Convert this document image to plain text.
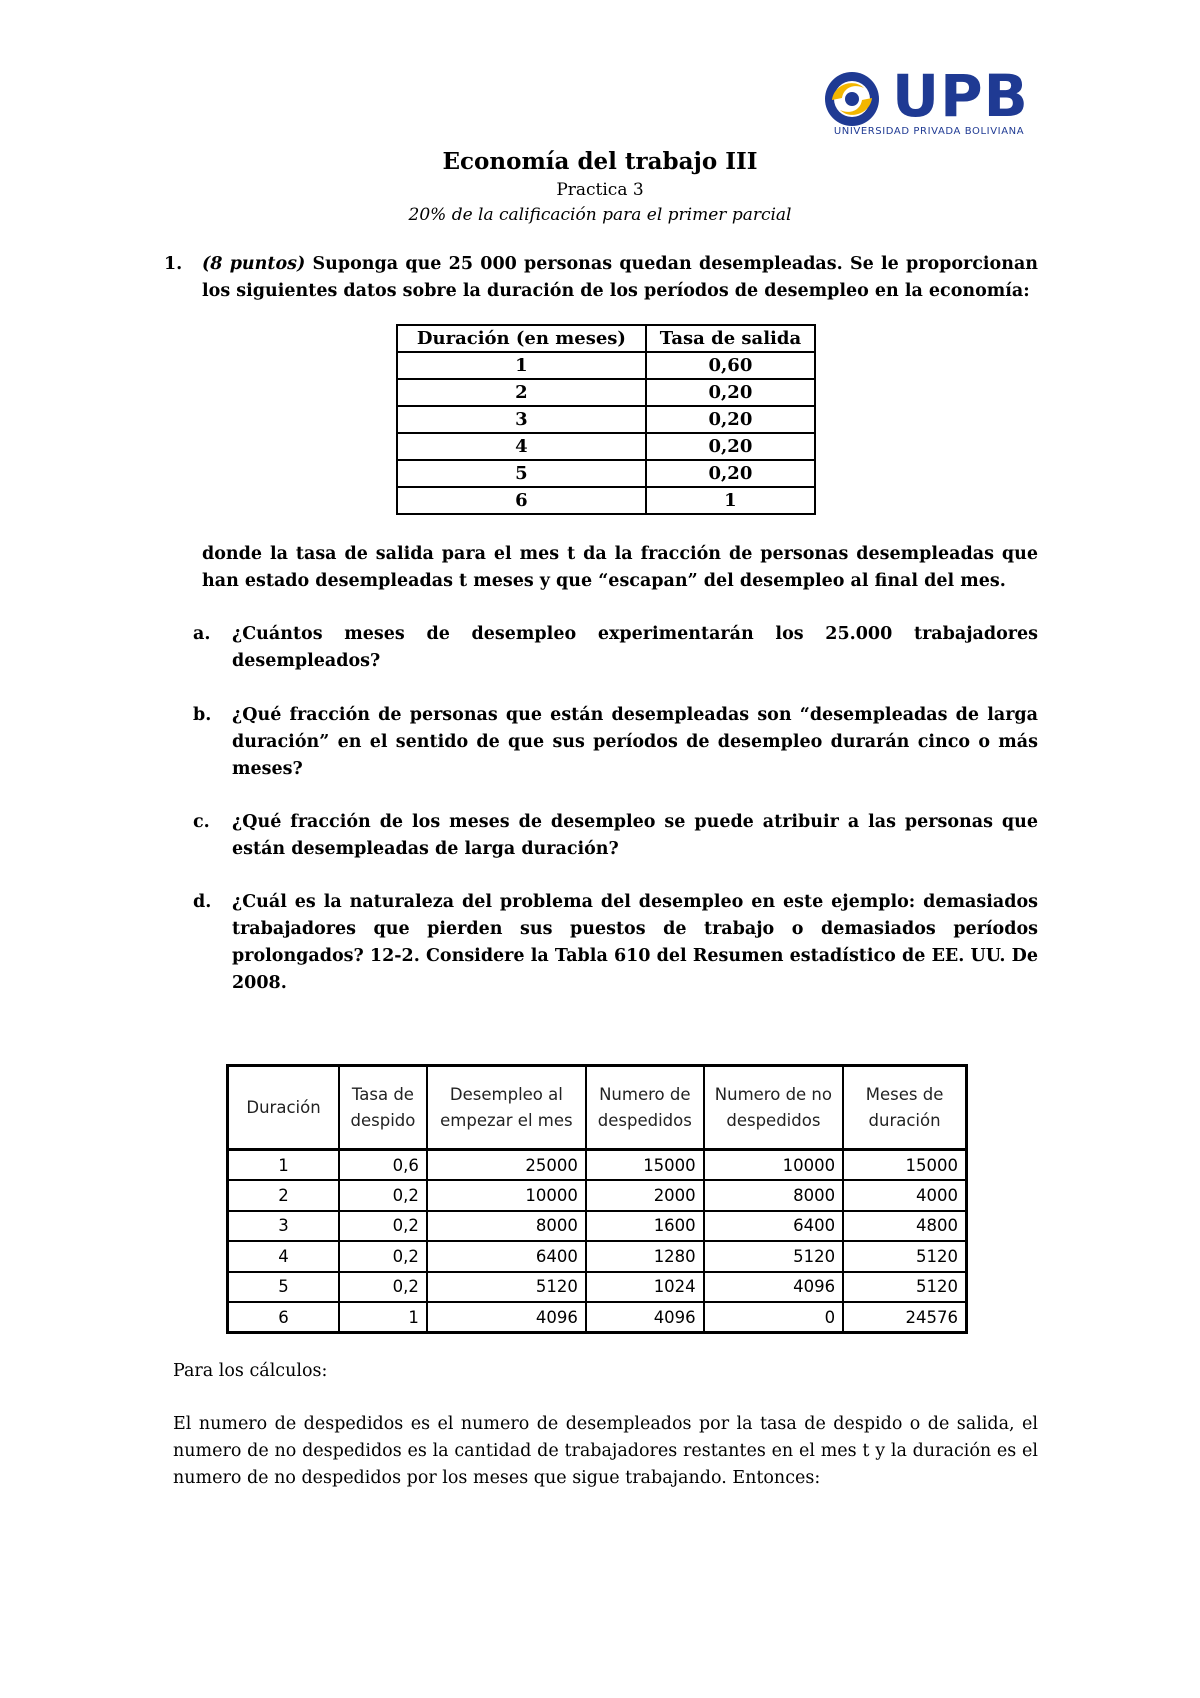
UPB
UNIVERSIDAD PRIVADA BOLIVIANA
Economía del trabajo III
Practica 3
20% de la calificación para el primer parcial
1. (8 puntos) Suponga que 25 000 personas quedan desempleadas. Se le proporcionan los siguientes datos sobre la duración de los períodos de desempleo en la economía:
Duración (en meses)	Tasa de salida
1	0,60
2	0,20
3	0,20
4	0,20
5	0,20
6	1
donde la tasa de salida para el mes t da la fracción de personas desempleadas que han estado desempleadas t meses y que “escapan” del desempleo al final del mes.
a. ¿Cuántos meses de desempleo experimentarán los 25.000 trabajadores desempleados?
b. ¿Qué fracción de personas que están desempleadas son “desempleadas de larga duración” en el sentido de que sus períodos de desempleo durarán cinco o más meses?
c. ¿Qué fracción de los meses de desempleo se puede atribuir a las personas que están desempleadas de larga duración?
d. ¿Cuál es la naturaleza del problema del desempleo en este ejemplo: demasiados trabajadores que pierden sus puestos de trabajo o demasiados períodos prolongados? 12-2. Considere la Tabla 610 del Resumen estadístico de EE. UU. De 2008.
Duración	Tasa de despido	Desempleo al empezar el mes	Numero de despedidos	Numero de no despedidos	Meses de duración
1	0,6	25000	15000	10000	15000
2	0,2	10000	2000	8000	4000
3	0,2	8000	1600	6400	4800
4	0,2	6400	1280	5120	5120
5	0,2	5120	1024	4096	5120
6	1	4096	4096	0	24576
Para los cálculos:
El numero de despedidos es el numero de desempleados por la tasa de despido o de salida, el numero de no despedidos es la cantidad de trabajadores restantes en el mes t y la duración es el numero de no despedidos por los meses que sigue trabajando. Entonces:
